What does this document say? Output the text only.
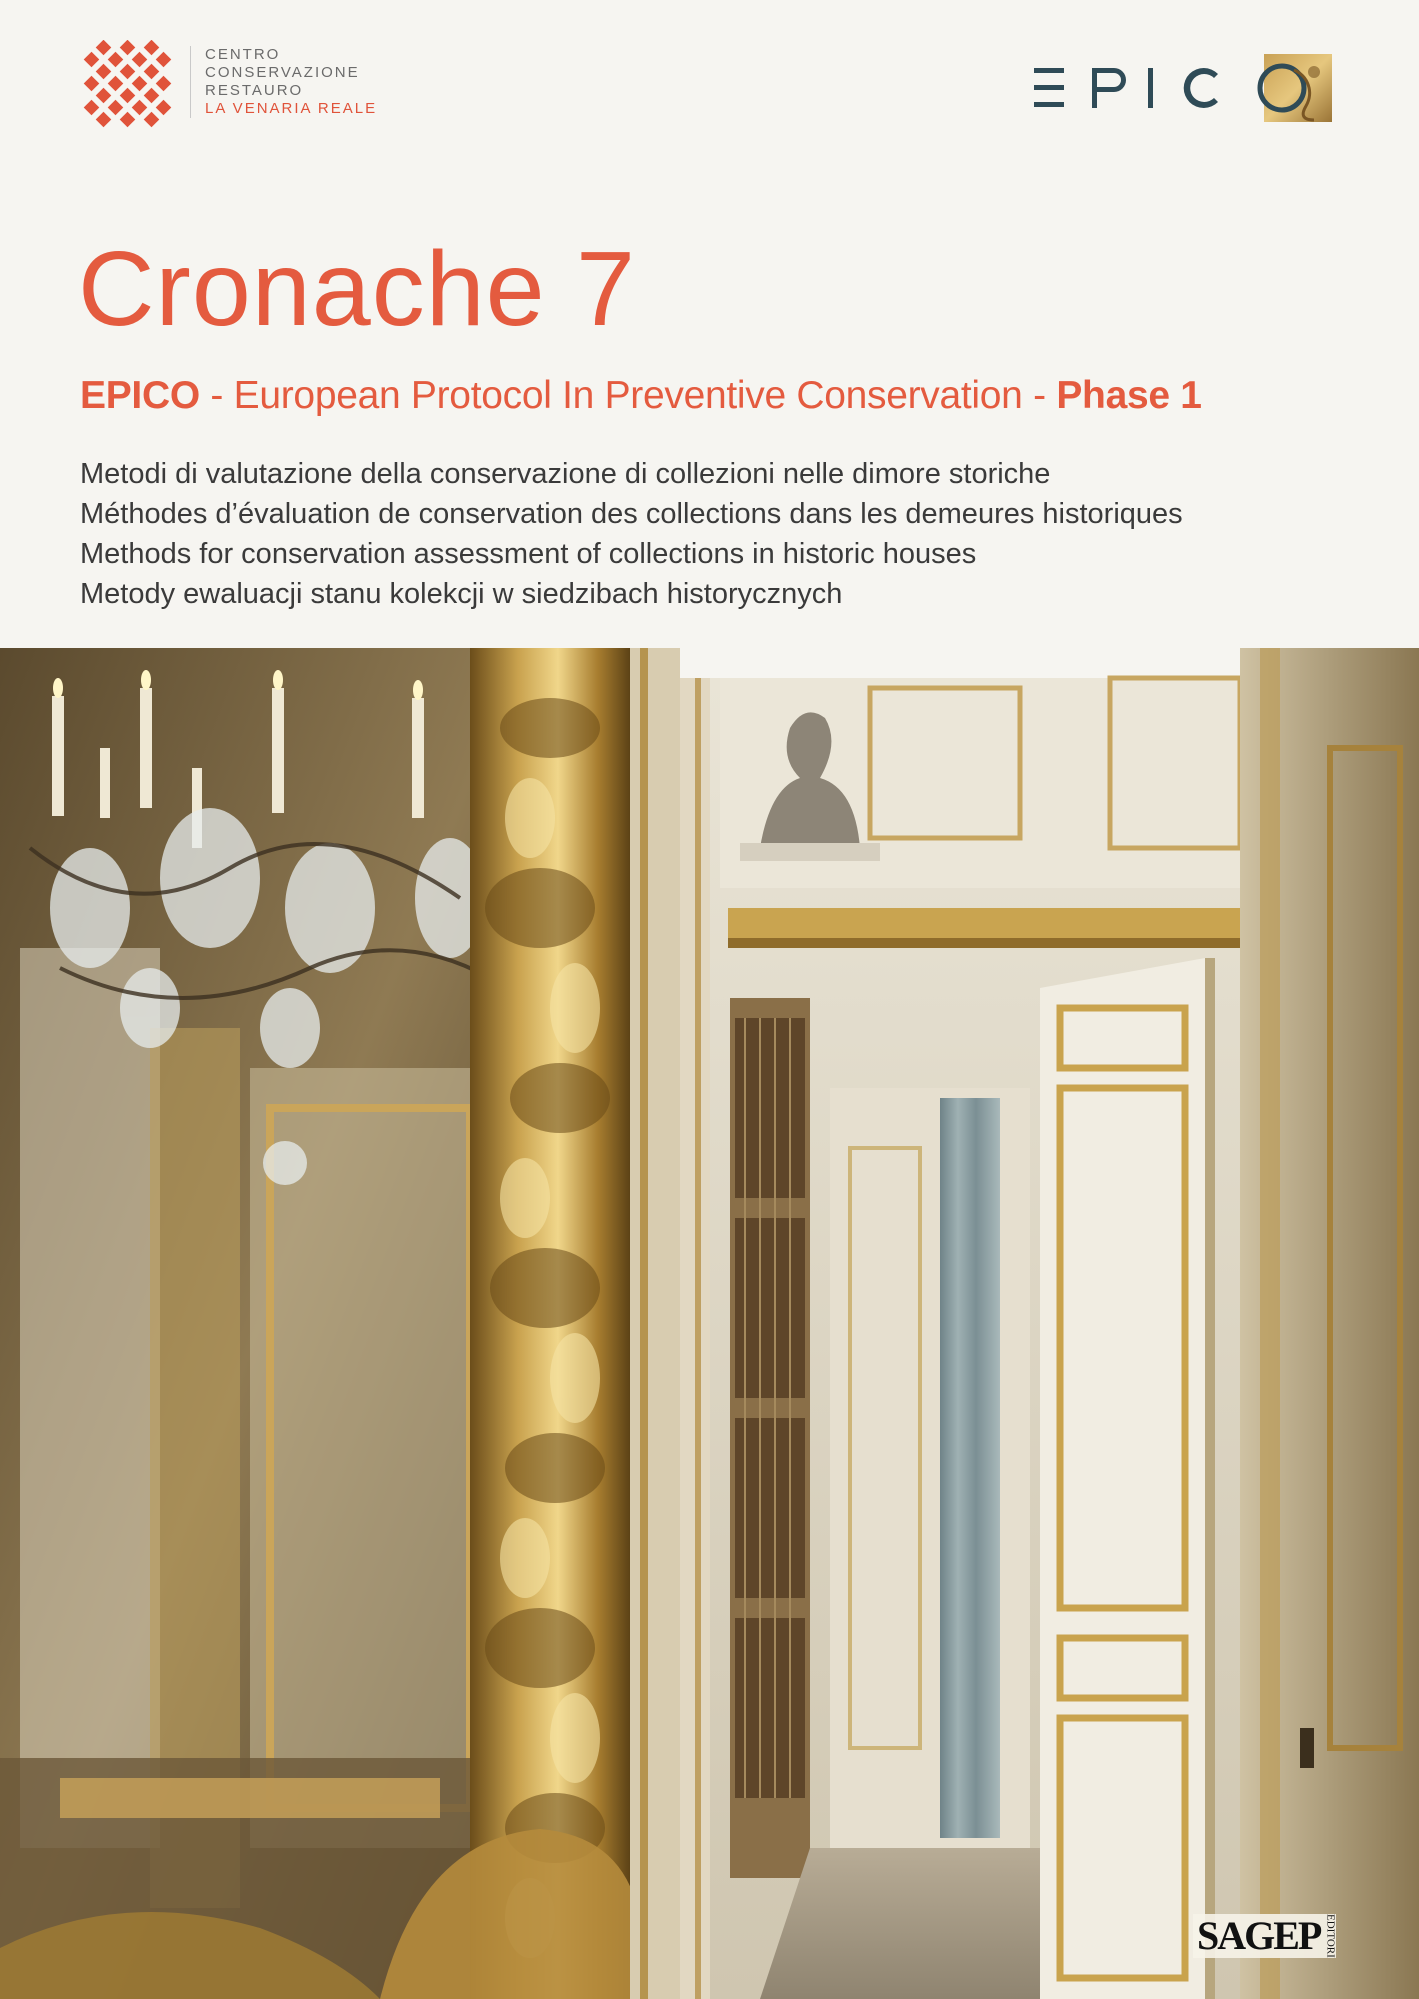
CENTRO
CONSERVAZIONE
RESTAURO
LA VENARIA REALE
Cronache 7
EPICO - European Protocol In Preventive Conservation - Phase 1
Metodi di valutazione della conservazione di collezioni nelle dimore storiche
Méthodes d’évaluation de conservation des collections dans les demeures historiques
Methods for conservation assessment of collections in historic houses
Metody ewaluacji stanu kolekcji w siedzibach historycznych
SAGEP EDITORI
